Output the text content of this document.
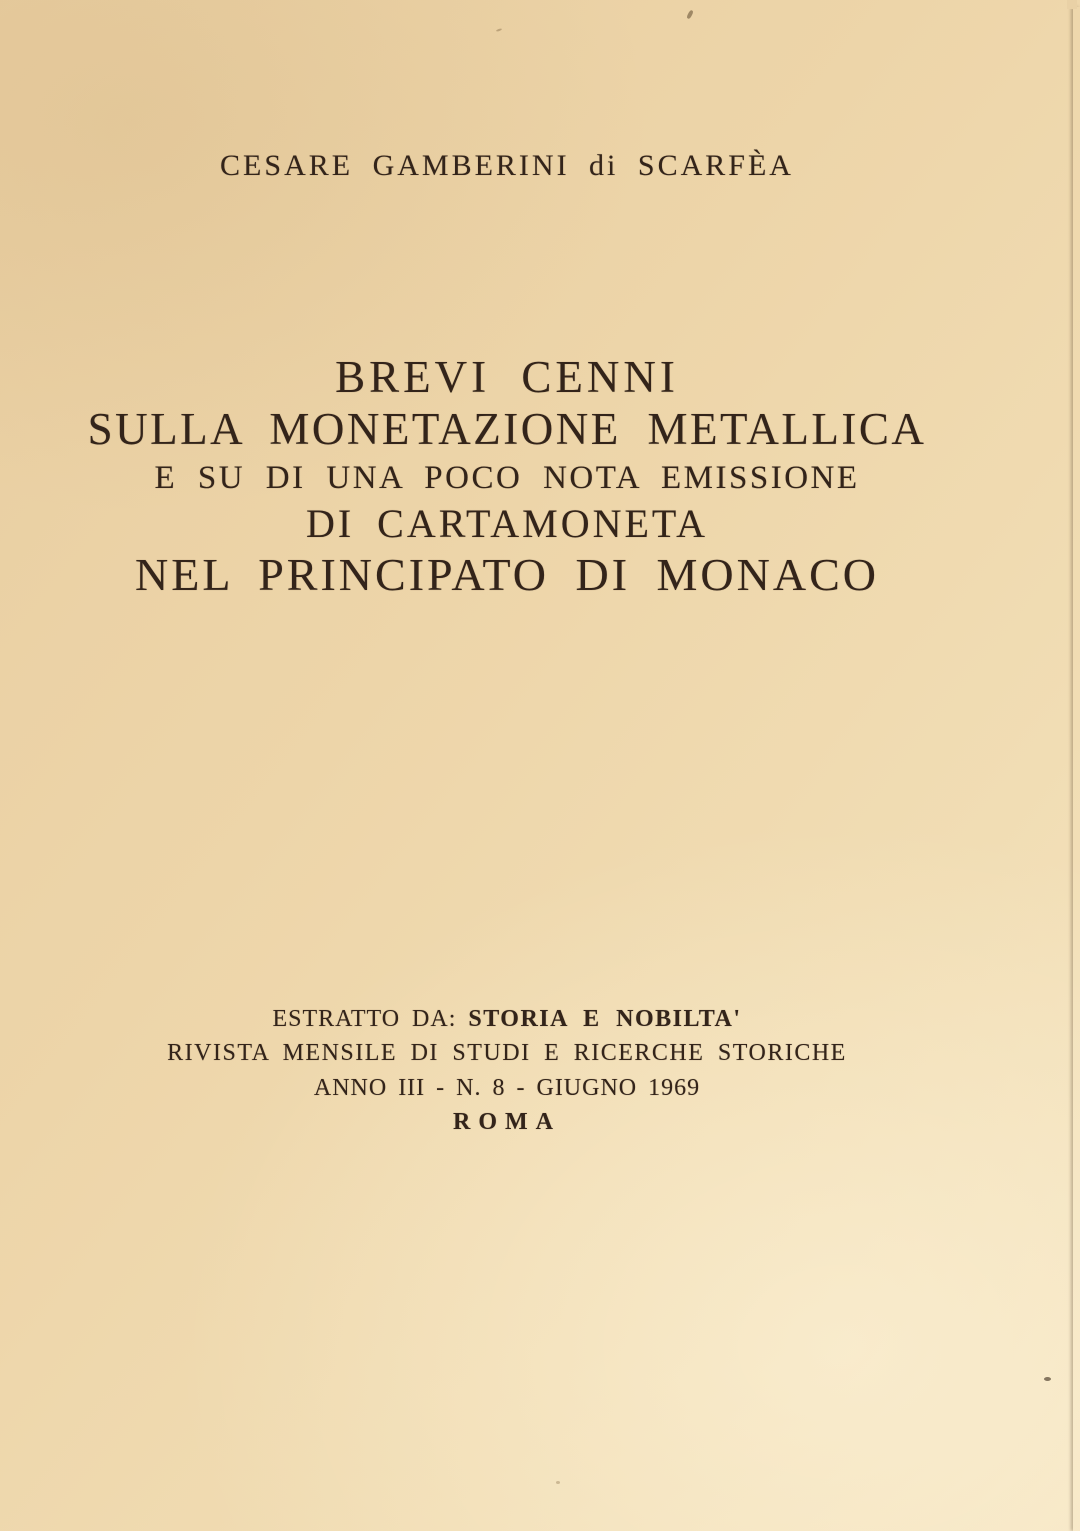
CESARE GAMBERINI di SCARFÈA
BREVI CENNI
SULLA MONETAZIONE METALLICA
E SU DI UNA POCO NOTA EMISSIONE
DI CARTAMONETA
NEL PRINCIPATO DI MONACO
ESTRATTO DA: STORIA E NOBILTA'
RIVISTA MENSILE DI STUDI E RICERCHE STORICHE
ANNO III - N. 8 - GIUGNO 1969
ROMA
